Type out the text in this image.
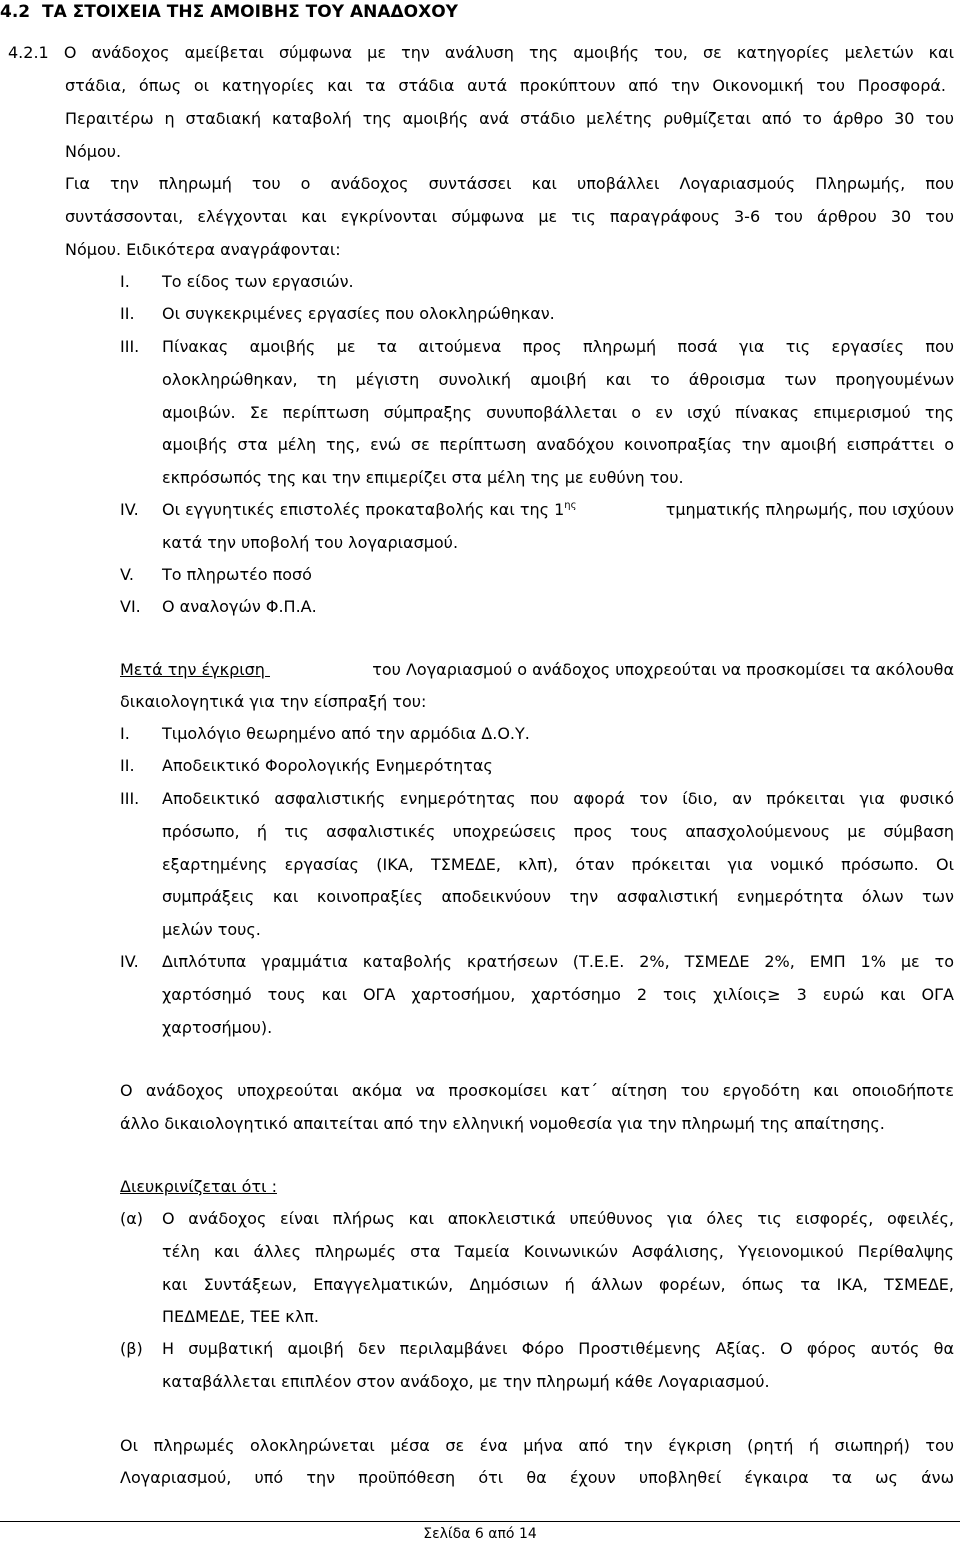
4.2 ΤΑ ΣΤΟΙΧΕΙΑ ΤΗΣ ΑΜΟΙΒΗΣ ΤΟΥ ΑΝΑΔΟΧΟΥ
4.2.1 Ο ανάδοχος αμείβεται σύμφωνα με την ανάλυση της αμοιβής του, σε κατηγορίες μελετών και
στάδια, όπως οι κατηγορίες και τα στάδια αυτά προκύπτουν από την Οικονομική του Προσφορά.
Περαιτέρω η σταδιακή καταβολή της αμοιβής ανά στάδιο μελέτης ρυθμίζεται από το άρθρο 30 του
Νόμου.
Για την πληρωμή του ο ανάδοχος συντάσσει και υποβάλλει Λογαριασμούς Πληρωμής, που
συντάσσονται, ελέγχονται και εγκρίνονται σύμφωνα με τις παραγράφους 3-6 του άρθρου 30 του
Νόμου. Ειδικότερα αναγράφονται:
I. Το είδος των εργασιών.
II. Οι συγκεκριμένες εργασίες που ολοκληρώθηκαν.
III. Πίνακας αμοιβής με τα αιτούμενα προς πληρωμή ποσά για τις εργασίες που
ολοκληρώθηκαν, τη μέγιστη συνολική αμοιβή και το άθροισμα των προηγουμένων
αμοιβών. Σε περίπτωση σύμπραξης συνυποβάλλεται ο εν ισχύ πίνακας επιμερισμού της
αμοιβής στα μέλη της, ενώ σε περίπτωση αναδόχου κοινοπραξίας την αμοιβή εισπράττει ο
εκπρόσωπός της και την επιμερίζει στα μέλη της με ευθύνη του.
IV. Οι εγγυητικές επιστολές προκαταβολής και της $1^{\eta\varsigma}$	τμηματικής πληρωμής, που ισχύουν
κατά την υποβολή του λογαριασμού.
V. Το πληρωτέο ποσό
VI. Ο αναλογών Φ.Π.Α.
Μετά την έγκριση	του Λογαριασμού ο ανάδοχος υποχρεούται να προσκομίσει τα ακόλουθα
δικαιολογητικά για την είσπραξή του:
I. Τιμολόγιο θεωρημένο από την αρμόδια Δ.Ο.Υ.
II. Αποδεικτικό Φορολογικής Ενημερότητας
III. Αποδεικτικό ασφαλιστικής ενημερότητας που αφορά τον ίδιο, αν πρόκειται για φυσικό
πρόσωπο, ή τις ασφαλιστικές υποχρεώσεις προς τους απασχολούμενους με σύμβαση
εξαρτημένης εργασίας (ΙΚΑ, ΤΣΜΕΔΕ, κλπ), όταν πρόκειται για νομικό πρόσωπο. Οι
συμπράξεις και κοινοπραξίες αποδεικνύουν την ασφαλιστική ενημερότητα όλων των
μελών τους.
IV. Διπλότυπα γραμμάτια καταβολής κρατήσεων (Τ.Ε.Ε. 2%, ΤΣΜΕΔΕ 2%, ΕΜΠ 1% με το
χαρτόσημό τους και ΟΓΑ χαρτοσήμου, χαρτόσημο 2 τοις χιλίοις≥ 3 ευρώ και ΟΓΑ
χαρτοσήμου).
Ο ανάδοχος υποχρεούται ακόμα να προσκομίσει κατ΄ αίτηση του εργοδότη και οποιοδήποτε
άλλο δικαιολογητικό απαιτείται από την ελληνική νομοθεσία για την πληρωμή της απαίτησης.
Διευκρινίζεται ότι :
(α) Ο ανάδοχος είναι πλήρως και αποκλειστικά υπεύθυνος για όλες τις εισφορές, οφειλές,
τέλη και άλλες πληρωμές στα Ταμεία Κοινωνικών Ασφάλισης, Υγειονομικού Περίθαλψης
και Συντάξεων, Επαγγελματικών, Δημόσιων ή άλλων φορέων, όπως τα ΙΚΑ, ΤΣΜΕΔΕ,
ΠΕΔΜΕΔΕ, ΤΕΕ κλπ.
(β) Η συμβατική αμοιβή δεν περιλαμβάνει Φόρο Προστιθέμενης Αξίας. Ο φόρος αυτός θα
καταβάλλεται επιπλέον στον ανάδοχο, με την πληρωμή κάθε Λογαριασμού.
Οι πληρωμές ολοκληρώνεται μέσα σε ένα μήνα από την έγκριση (ρητή ή σιωπηρή) του
Λογαριασμού, υπό την προϋπόθεση ότι θα έχουν υποβληθεί έγκαιρα τα ως άνω
Σελίδα 6 από 14
